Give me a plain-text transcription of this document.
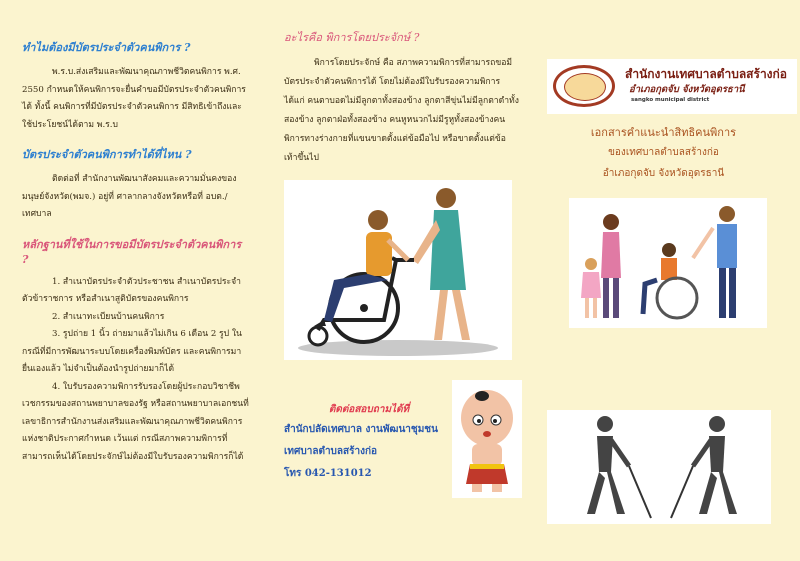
ทำไมต้องมีบัตรประจำตัวคนพิการ ?

พ.ร.บ.ส่งเสริมและพัฒนาคุณภาพชีวิตคนพิการ พ.ศ. 2550 กำหนดให้คนพิการจะยื่นคำขอมีบัตรประจำตัวคนพิการ ได้ ทั้งนี้ คนพิการที่มีบัตรประจำตัวคนพิการ มีสิทธิเข้าถึงและใช้ประโยชน์ได้ตาม พ.ร.บ

บัตรประจำตัวคนพิการทำได้ที่ไหน ?

ติดต่อที่ สำนักงานพัฒนาสังคมและความมั่นคงของมนุษย์จังหวัด(พมจ.) อยู่ที่ ศาลากลางจังหวัดหรือที่ อบต./เทศบาล

หลักฐานที่ใช้ในการขอมีบัตรประจำตัวคนพิการ ?

1. สำเนาบัตรประจำตัวประชาชน สำเนาบัตรประจำตัวข้าราชการ หรือสำเนาสูติบัตรของคนพิการ

2. สำเนาทะเบียนบ้านคนพิการ

3. รูปถ่าย 1 นิ้ว ถ่ายมาแล้วไม่เกิน 6 เดือน 2 รูป ในกรณีที่มีการพัฒนาระบบโดยเครื่องพิมพ์บัตร และคนพิการมายื่นเองแล้ว ไม่จำเป็นต้องนำรูปถ่ายมาก็ได้

4. ใบรับรองความพิการรับรองโดยผู้ประกอบวิชาชีพเวชกรรมของสถานพยาบาลของรัฐ หรือสถานพยาบาลเอกชนที่เลขาธิการสำนักงานส่งเสริมและพัฒนาคุณภาพชีวิตคนพิการแห่งชาติประกาศกำหนด เว้นแต่ กรณีสภาพความพิการที่สามารถเห็นได้โดยประจักษ์ไม่ต้องมีใบรับรองความพิการก็ได้

อะไรคือ พิการโดยประจักษ์ ?

พิการโดยประจักษ์ คือ สภาพความพิการที่สามารถขอมีบัตรประจำตัวคนพิการได้ โดยไม่ต้องมีใบรับรองความพิการได้แก่ คนตาบอดไม่มีลูกตาทั้งสองข้าง ลูกตาสีขุ่นไม่มีลูกตาดำทั้งสองข้าง ลูกตาฝ่อทั้งสองข้าง คนหูหนวกไม่มีรูหูทั้งสองข้างคนพิการทางร่างกายที่แขนขาดตั้งแต่ข้อมือไป หรือขาดตั้งแต่ข้อเท้าขึ้นไป

ติดต่อสอบถามได้ที่

สำนักปลัดเทศบาล งานพัฒนาชุมชน

เทศบาลตำบลสร้างก่อ

โทร 042-131012

สำนักงานเทศบาลตำบลสร้างก่อ
อำเภอกุดจับ จังหวัดอุดรธานี
sangko municipal district
เอกสารคำแนะนำสิทธิคนพิการ
ของเทศบาลตำบลสร้างก่อ
อำเภอกุดจับ จังหวัดอุดรธานี
